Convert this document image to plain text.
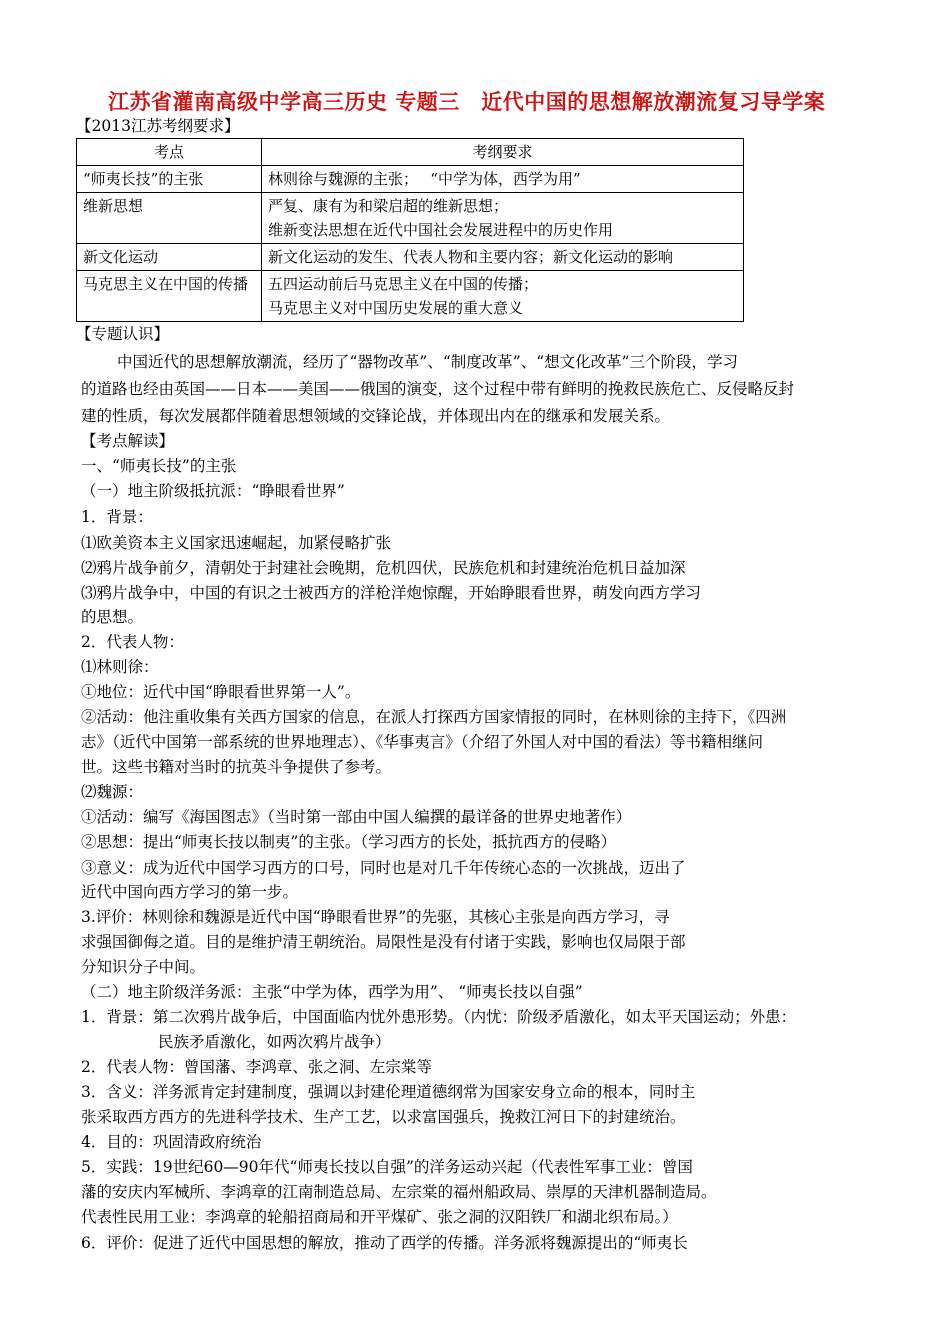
江苏省灌南高级中学高三历史 专题三　近代中国的思想解放潮流复习导学案
【2013江苏考纲要求】
考点	考纲要求
“师夷长技”的主张	林则徐与魏源的主张；　 “中学为体，西学为用”

维新思想	严复、康有为和梁启超的维新思想；
维新变法思想在近代中国社会发展进程中的历史作用

新文化运动	新文化运动的发生、代表人物和主要内容；新文化运动的影响

马克思主义在中国的传播	五四运动前后马克思主义在中国的传播；
马克思主义对中国历史发展的重大意义
【专题认识】
中国近代的思想解放潮流，经历了“器物改革”、“制度改革”、“想文化改革”三个阶段，学习
的道路也经由英国——日本——美国——俄国的演变，这个过程中带有鲜明的挽救民族危亡、反侵略反封
建的性质，每次发展都伴随着思想领域的交锋论战，并体现出内在的继承和发展关系。
【考点解读】
一、“师夷长技”的主张
（一）地主阶级抵抗派：“睁眼看世界”
1．背景：
⑴欧美资本主义国家迅速崛起，加紧侵略扩张
⑵鸦片战争前夕，清朝处于封建社会晚期，危机四伏，民族危机和封建统治危机日益加深
⑶鸦片战争中，中国的有识之士被西方的洋枪洋炮惊醒，开始睁眼看世界，萌发向西方学习
的思想。
2．代表人物：
⑴林则徐：
①地位：近代中国“睁眼看世界第一人”。
②活动：他注重收集有关西方国家的信息，在派人打探西方国家情报的同时，在林则徐的主持下，《四洲
志》（近代中国第一部系统的世界地理志）、《华事夷言》（介绍了外国人对中国的看法）等书籍相继问
世。这些书籍对当时的抗英斗争提供了参考。
⑵魏源：
①活动：编写《海国图志》（当时第一部由中国人编撰的最详备的世界史地著作）
②思想：提出“师夷长技以制夷”的主张。（学习西方的长处，抵抗西方的侵略）
③意义：成为近代中国学习西方的口号，同时也是对几千年传统心态的一次挑战，迈出了
近代中国向西方学习的第一步。
3.评价：林则徐和魏源是近代中国“睁眼看世界”的先驱，其核心主张是向西方学习，寻
求强国御侮之道。目的是维护清王朝统治。局限性是没有付诸于实践，影响也仅局限于部
分知识分子中间。
（二）地主阶级洋务派：主张“中学为体，西学为用”、 “师夷长技以自强”
1．背景：第二次鸦片战争后，中国面临内忧外患形势。（内忧：阶级矛盾激化，如太平天国运动；外患：
民族矛盾激化，如两次鸦片战争）
2．代表人物：曾国藩、李鸿章、张之洞、左宗棠等
3．含义：洋务派肯定封建制度，强调以封建伦理道德纲常为国家安身立命的根本，同时主
张采取西方西方的先进科学技术、生产工艺，以求富国强兵，挽救江河日下的封建统治。
4．目的：巩固清政府统治
5．实践：19世纪60—90年代“师夷长技以自强”的洋务运动兴起（代表性军事工业：曾国
藩的安庆内军械所、李鸿章的江南制造总局、左宗棠的福州船政局、崇厚的天津机器制造局。
代表性民用工业：李鸿章的轮船招商局和开平煤矿、张之洞的汉阳铁厂和湖北织布局。）
6．评价：促进了近代中国思想的解放，推动了西学的传播。洋务派将魏源提出的“师夷长
